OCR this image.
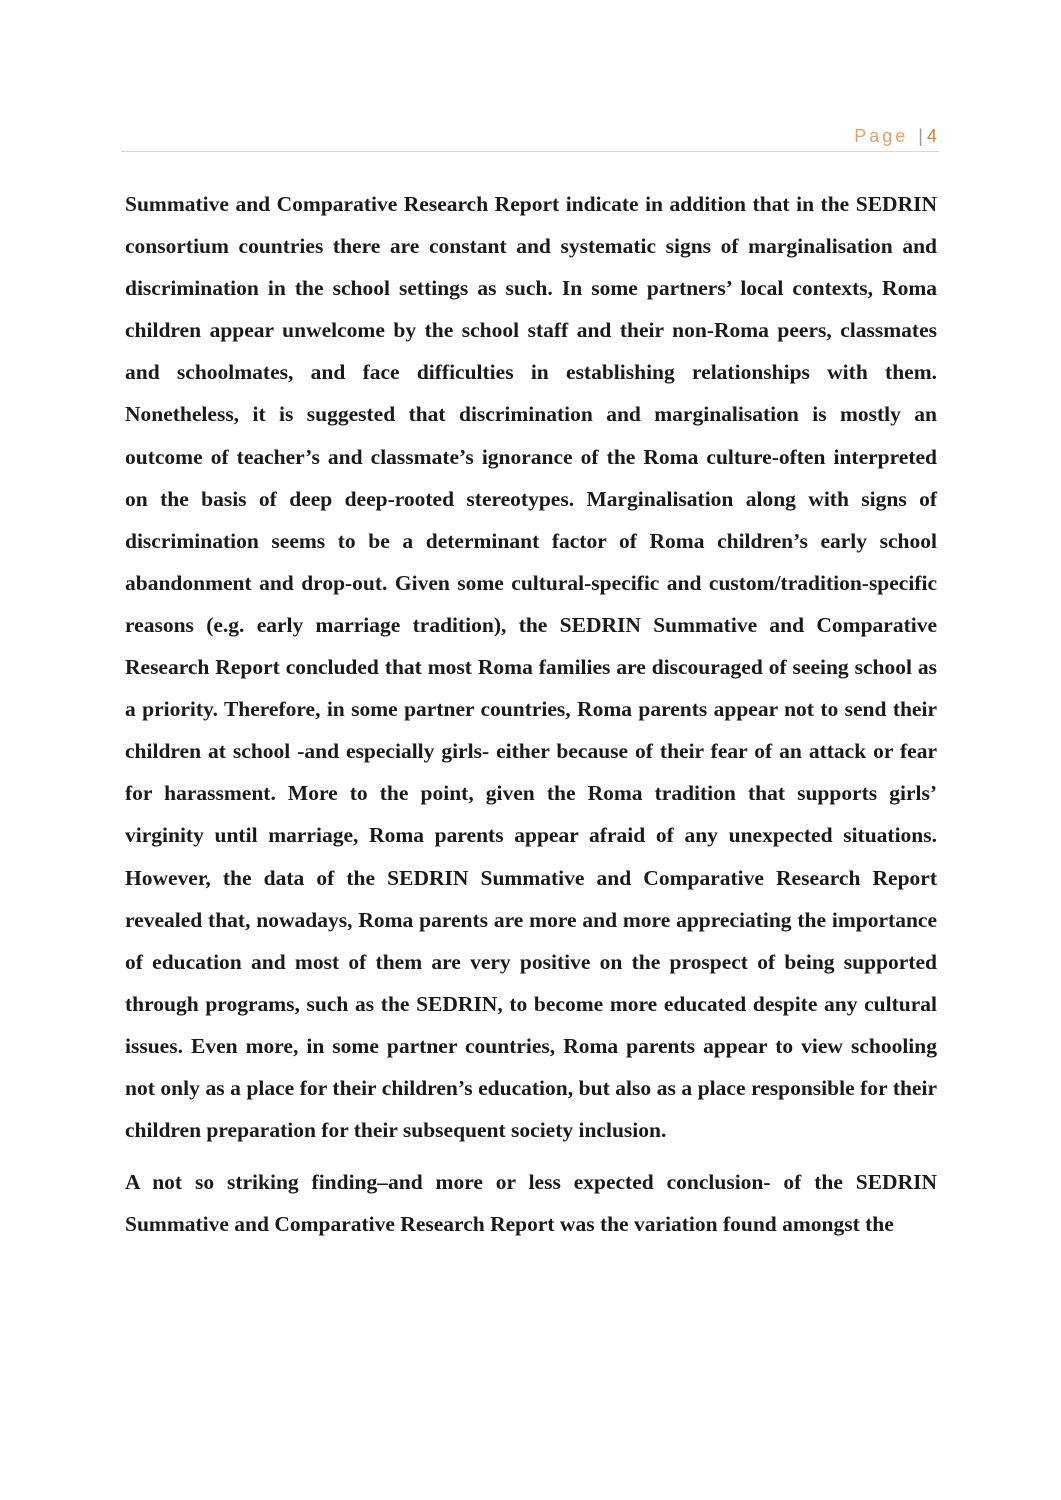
Page | 4

Summative and Comparative Research Report indicate in addition that in the SEDRIN consortium countries there are constant and systematic signs of marginalisation and discrimination in the school settings as such. In some partners’ local contexts, Roma children appear unwelcome by the school staff and their non-Roma peers, classmates and schoolmates, and face difficulties in establishing relationships with them. Nonetheless, it is suggested that discrimination and marginalisation is mostly an outcome of teacher’s and classmate’s ignorance of the Roma culture-often interpreted on the basis of deep deep-rooted stereotypes. Marginalisation along with signs of discrimination seems to be a determinant factor of Roma children’s early school abandonment and drop-out. Given some cultural-specific and custom/tradition-specific reasons (e.g. early marriage tradition), the SEDRIN Summative and Comparative Research Report concluded that most Roma families are discouraged of seeing school as a priority. Therefore, in some partner countries, Roma parents appear not to send their children at school -and especially girls- either because of their fear of an attack or fear for harassment. More to the point, given the Roma tradition that supports girls’ virginity until marriage, Roma parents appear afraid of any unexpected situations. However, the data of the SEDRIN Summative and Comparative Research Report revealed that, nowadays, Roma parents are more and more appreciating the importance of education and most of them are very positive on the prospect of being supported through programs, such as the SEDRIN, to become more educated despite any cultural issues. Even more, in some partner countries, Roma parents appear to view schooling not only as a place for their children’s education, but also as a place responsible for their children preparation for their subsequent society inclusion.

A not so striking finding–and more or less expected conclusion- of the SEDRIN Summative and Comparative Research Report was the variation found amongst the
